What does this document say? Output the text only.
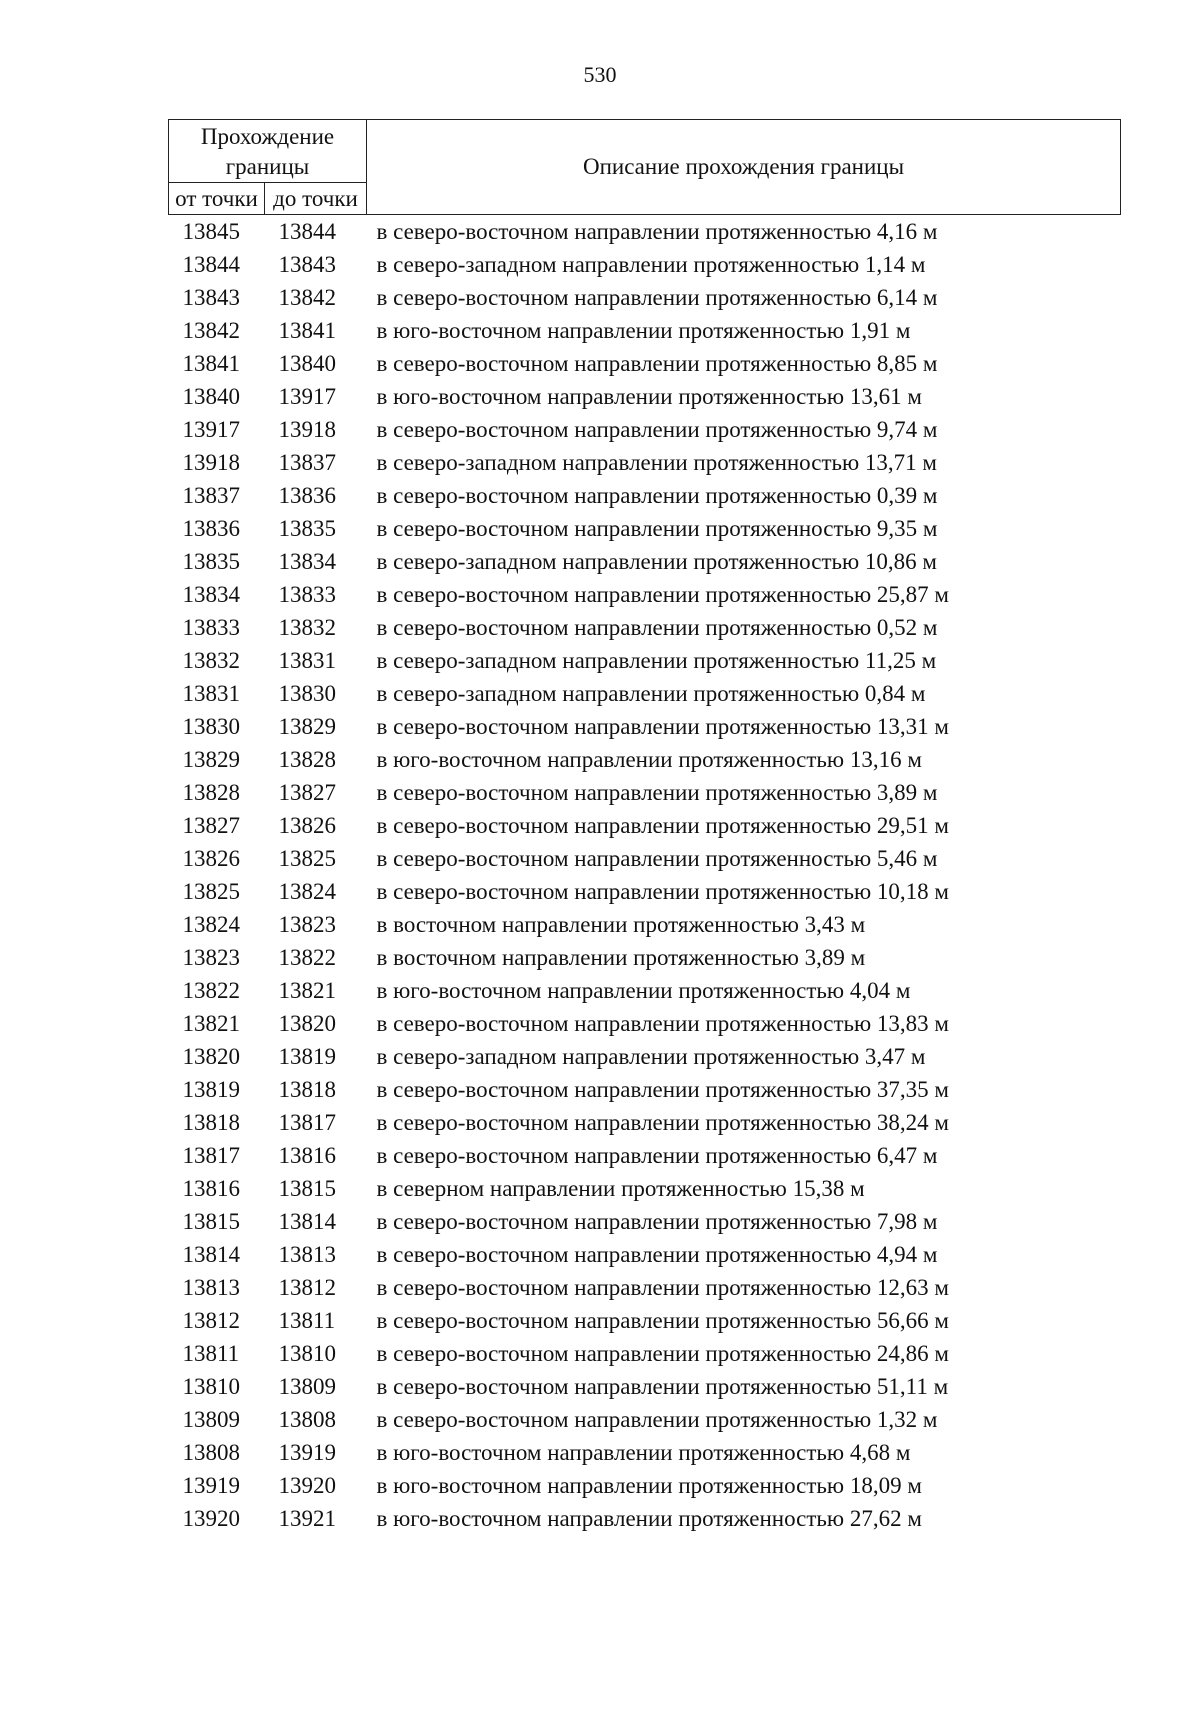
530
Прохождение границы		Описание прохождения границы
от точки	до точки	
13845	13844	в северо-восточном направлении протяженностью 4,16 м
13844	13843	в северо-западном направлении протяженностью 1,14 м
13843	13842	в северо-восточном направлении протяженностью 6,14 м
13842	13841	в юго-восточном направлении протяженностью 1,91 м
13841	13840	в северо-восточном направлении протяженностью 8,85 м
13840	13917	в юго-восточном направлении протяженностью 13,61 м
13917	13918	в северо-восточном направлении протяженностью 9,74 м
13918	13837	в северо-западном направлении протяженностью 13,71 м
13837	13836	в северо-восточном направлении протяженностью 0,39 м
13836	13835	в северо-восточном направлении протяженностью 9,35 м
13835	13834	в северо-западном направлении протяженностью 10,86 м
13834	13833	в северо-восточном направлении протяженностью 25,87 м
13833	13832	в северо-восточном направлении протяженностью 0,52 м
13832	13831	в северо-западном направлении протяженностью 11,25 м
13831	13830	в северо-западном направлении протяженностью 0,84 м
13830	13829	в северо-восточном направлении протяженностью 13,31 м
13829	13828	в юго-восточном направлении протяженностью 13,16 м
13828	13827	в северо-восточном направлении протяженностью 3,89 м
13827	13826	в северо-восточном направлении протяженностью 29,51 м
13826	13825	в северо-восточном направлении протяженностью 5,46 м
13825	13824	в северо-восточном направлении протяженностью 10,18 м
13824	13823	в восточном направлении протяженностью 3,43 м
13823	13822	в восточном направлении протяженностью 3,89 м
13822	13821	в юго-восточном направлении протяженностью 4,04 м
13821	13820	в северо-восточном направлении протяженностью 13,83 м
13820	13819	в северо-западном направлении протяженностью 3,47 м
13819	13818	в северо-восточном направлении протяженностью 37,35 м
13818	13817	в северо-восточном направлении протяженностью 38,24 м
13817	13816	в северо-восточном направлении протяженностью 6,47 м
13816	13815	в северном направлении протяженностью 15,38 м
13815	13814	в северо-восточном направлении протяженностью 7,98 м
13814	13813	в северо-восточном направлении протяженностью 4,94 м
13813	13812	в северо-восточном направлении протяженностью 12,63 м
13812	13811	в северо-восточном направлении протяженностью 56,66 м
13811	13810	в северо-восточном направлении протяженностью 24,86 м
13810	13809	в северо-восточном направлении протяженностью 51,11 м
13809	13808	в северо-восточном направлении протяженностью 1,32 м
13808	13919	в юго-восточном направлении протяженностью 4,68 м
13919	13920	в юго-восточном направлении протяженностью 18,09 м
13920	13921	в юго-восточном направлении протяженностью 27,62 м
